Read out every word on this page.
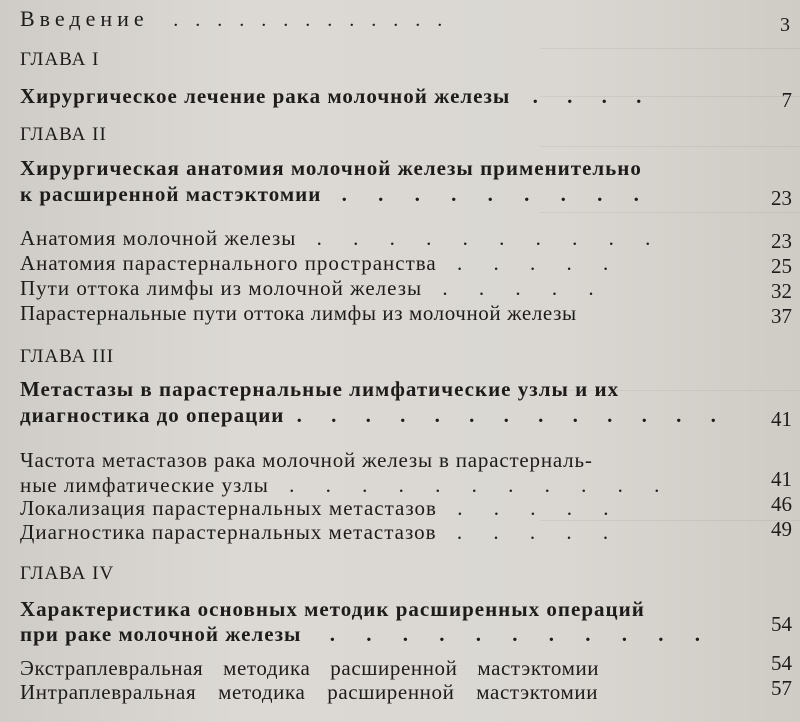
Введение . . . . . . . . . . . . .	3
ГЛАВА I
Хирургическое лечение рака молочной железы . . . .	7
ГЛАВА II
Хирургическая анатомия молочной железы применительно
к расширенной мастэктомии . . . . . . . . .	23
Анатомия молочной железы . . . . . . . . . .	23
Анатомия парастернального пространства . . . . .	25
Пути оттока лимфы из молочной железы . . . . .	32
Парастернальные пути оттока лимфы из молочной железы	37
ГЛАВА III
Метастазы в парастернальные лимфатические узлы и их
диагностика до операции . . . . . . . . . . . . .	41
Частота метастазов рака молочной железы в парастерналь-
ные лимфатические узлы . . . . . . . . . . .	41
Локализация парастернальных метастазов . . . . .	46
Диагностика парастернальных метастазов . . . . .	49
ГЛАВА IV
Характеристика основных методик расширенных операций
при раке молочной железы . . . . . . . . . . .	54
Экстраплевральная методика расширенной мастэктомии	54
Интраплевральная методика расширенной мастэктомии	57
